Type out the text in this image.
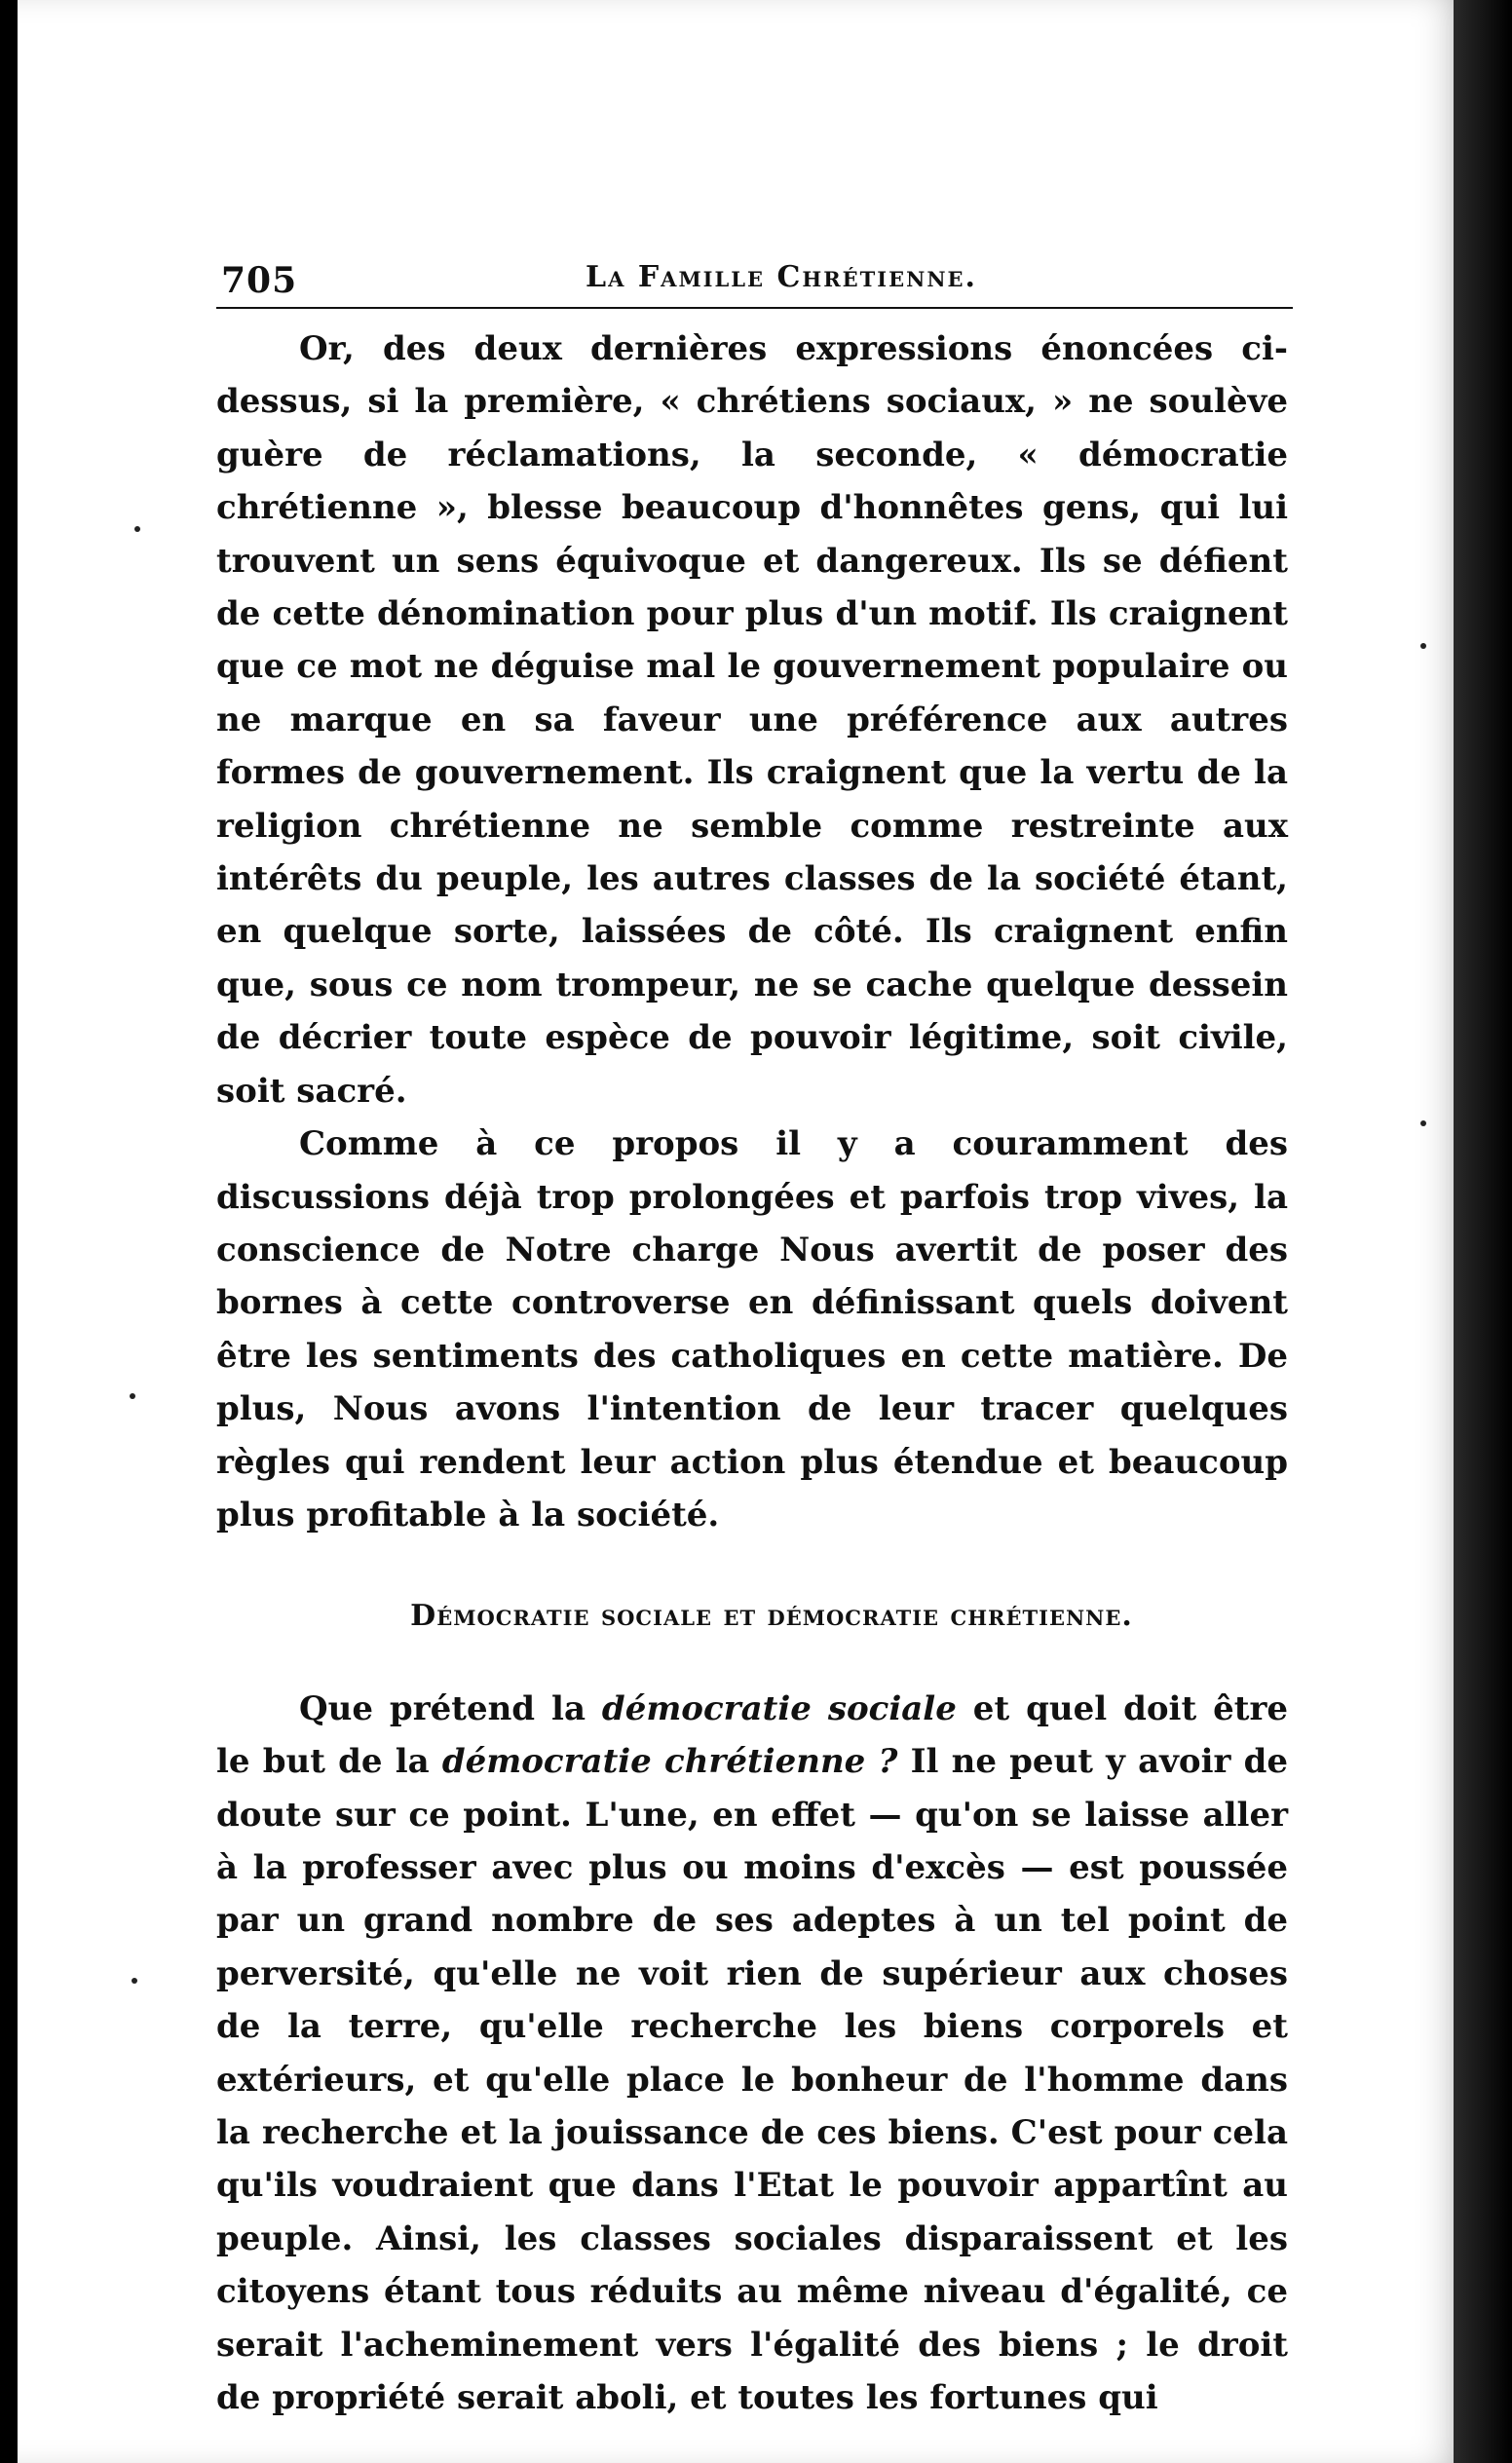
705	La Famille Chrétienne.

Or, des deux dernières expressions énoncées ci-dessus, si la première, « chrétiens sociaux, » ne soulève guère de réclamations, la seconde, « démocratie chrétienne », blesse beaucoup d'honnêtes gens, qui lui trouvent un sens équivoque et dangereux. Ils se défient de cette dénomination pour plus d'un motif. Ils craignent que ce mot ne déguise mal le gouvernement populaire ou ne marque en sa faveur une préférence aux autres formes de gouvernement. Ils craignent que la vertu de la religion chrétienne ne semble comme restreinte aux intérêts du peuple, les autres classes de la société étant, en quelque sorte, laissées de côté. Ils craignent enfin que, sous ce nom trompeur, ne se cache quelque dessein de décrier toute espèce de pouvoir légitime, soit civile, soit sacré.

Comme à ce propos il y a couramment des discussions déjà trop prolongées et parfois trop vives, la conscience de Notre charge Nous avertit de poser des bornes à cette controverse en définissant quels doivent être les sentiments des catholiques en cette matière. De plus, Nous avons l'intention de leur tracer quelques règles qui rendent leur action plus étendue et beaucoup plus profitable à la société.

Démocratie sociale et démocratie chrétienne.

Que prétend la démocratie sociale et quel doit être le but de la démocratie chrétienne ? Il ne peut y avoir de doute sur ce point. L'une, en effet — qu'on se laisse aller à la professer avec plus ou moins d'excès — est poussée par un grand nombre de ses adeptes à un tel point de perversité, qu'elle ne voit rien de supérieur aux choses de la terre, qu'elle recherche les biens corporels et extérieurs, et qu'elle place le bonheur de l'homme dans la recherche et la jouissance de ces biens. C'est pour cela qu'ils voudraient que dans l'Etat le pouvoir appartînt au peuple. Ainsi, les classes sociales disparaissent et les citoyens étant tous réduits au même niveau d'égalité, ce serait l'acheminement vers l'égalité des biens ; le droit de propriété serait aboli, et toutes les fortunes qui
